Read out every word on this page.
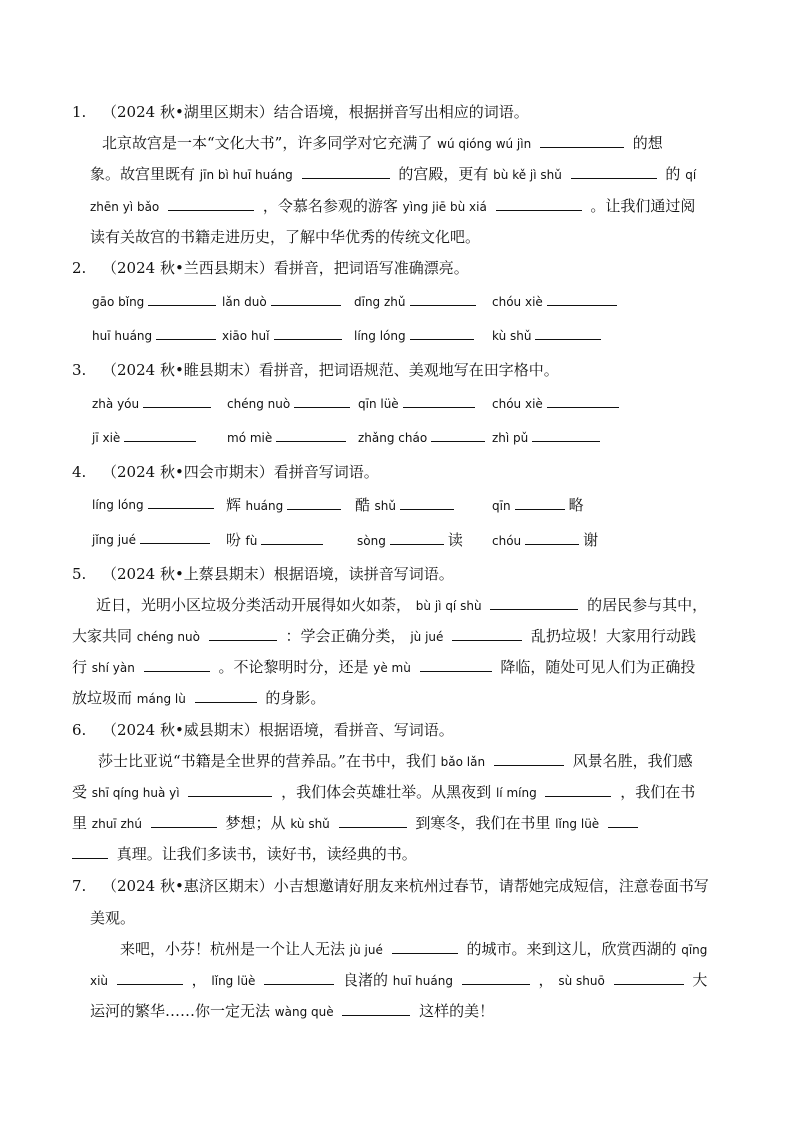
1. （2024 秋•湖里区期末）结合语境，根据拼音写出相应的词语。
北京故宫是一本“文化大书”，许多同学对它充满了 wú qióng wú jìn	的想
象。故宫里既有 jīn bì huī huáng	的宫殿，更有 bù kě jì shǔ	的 qí
zhēn yì bǎo	，令慕名参观的游客 yìng jiē bù xiá	。让我们通过阅
读有关故宫的书籍走进历史，了解中华优秀的传统文化吧。
2. （2024 秋•兰西县期末）看拼音，把词语写准确漂亮。
gāo bǐng	lǎn duò	dīng zhǔ	chóu xiè
huī huáng	xiāo huǐ	líng lóng	kù shǔ
3. （2024 秋•睢县期末）看拼音，把词语规范、美观地写在田字格中。
zhà yóu	chéng nuò	qīn lüè	chóu xiè
jī xiè	mó miè	zhǎng cháo	zhì pǔ
4. （2024 秋•四会市期末）看拼音写词语。
líng lóng	辉 huáng	酷 shǔ	qīn	略
jǐng jué	吩 fù	sòng	读 chóu	谢
5. （2024 秋•上蔡县期末）根据语境，读拼音写词语。
近日，光明小区垃圾分类活动开展得如火如荼， bù jì qí shù	的居民参与其中，
大家共同 chéng nuò	：学会正确分类， jù jué	乱扔垃圾！大家用行动践
行 shí yàn	。不论黎明时分，还是 yè mù	降临，随处可见人们为正确投
放垃圾而 máng lù	的身影。
6. （2024 秋•威县期末）根据语境，看拼音、写词语。
莎士比亚说“书籍是全世界的营养品。”在书中，我们 bǎo lǎn	风景名胜，我们感
受 shī qíng huà yì	，我们体会英雄壮举。从黑夜到 lí míng	，我们在书
里 zhuī zhú	梦想；从 kù shǔ	到寒冬，我们在书里 lǐng lüè
真理。让我们多读书，读好书，读经典的书。
7. （2024 秋•惠济区期末）小吉想邀请好朋友来杭州过春节，请帮她完成短信，注意卷面书写
美观。
来吧，小芬！杭州是一个让人无法 jù jué	的城市。来到这儿，欣赏西湖的 qīng
xiù	， lǐng lüè	良渚的 huī huáng	， sù shuō	大
运河的繁华……你一定无法 wàng què	这样的美！
